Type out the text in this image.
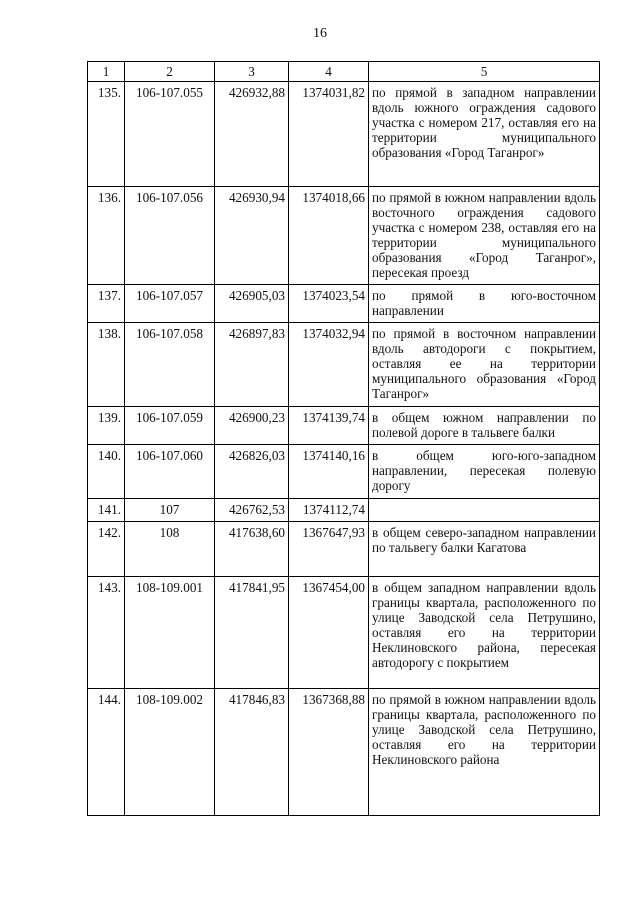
16
1	2	3	4	5
135.	106-107.055	426932,88	1374031,82	по прямой в западном направлении вдоль южного ограждения садового участка с номером 217, оставляя его на территории муниципального образования «Город Таганрог»
136.	106-107.056	426930,94	1374018,66	по прямой в южном направлении вдоль восточного ограждения садового участка с номером 238, оставляя его на территории муниципального образования «Город Таганрог», пересекая проезд
137.	106-107.057	426905,03	1374023,54	по прямой в юго-восточном направлении
138.	106-107.058	426897,83	1374032,94	по прямой в восточном направлении вдоль автодороги с покрытием, оставляя ее на территории муниципального образования «Город Таганрог»
139.	106-107.059	426900,23	1374139,74	в общем южном направлении по полевой дороге в тальвеге балки
140.	106-107.060	426826,03	1374140,16	в общем юго-юго-западном направлении, пересекая полевую дорогу
141.	107	426762,53	1374112,74	
142.	108	417638,60	1367647,93	в общем северо-западном направлении по тальвегу балки Кагатова
143.	108-109.001	417841,95	1367454,00	в общем западном направлении вдоль границы квартала, расположенного по улице Заводской села Петрушино, оставляя его на территории Неклиновского района, пересекая автодорогу с покрытием
144.	108-109.002	417846,83	1367368,88	по прямой в южном направлении вдоль границы квартала, расположенного по улице Заводской села Петрушино, оставляя его на территории Неклиновского района
